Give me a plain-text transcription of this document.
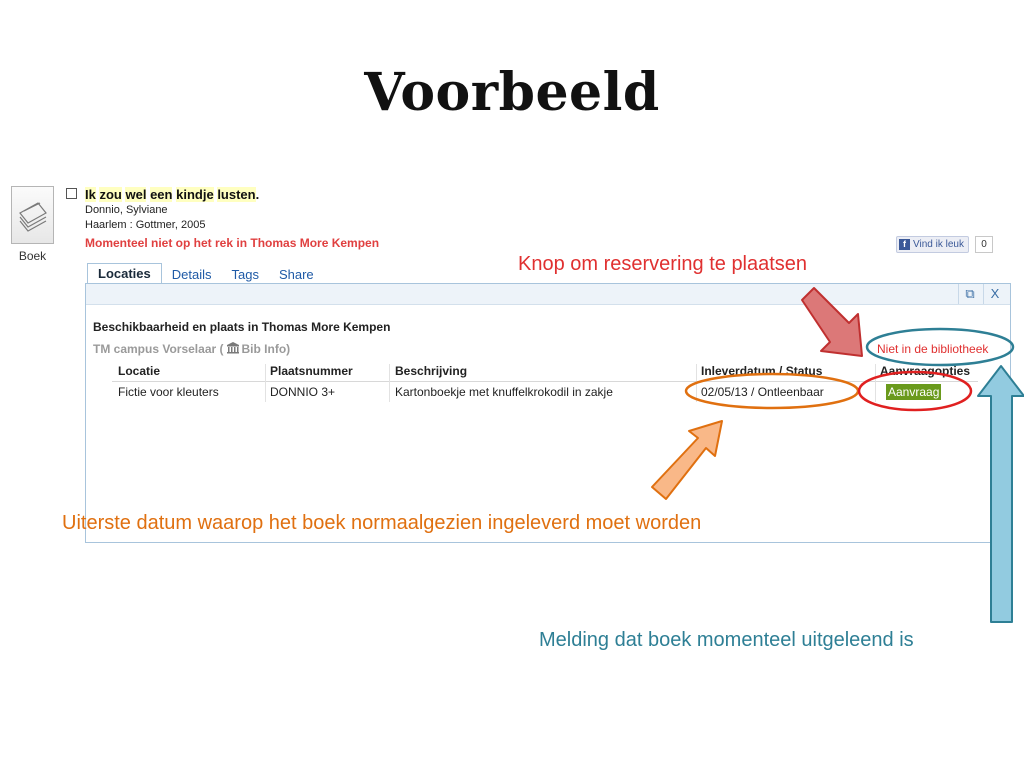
Voorbeeld
Boek
Ik zou wel een kindje lusten.
Donnio, Sylviane
Haarlem : Gottmer, 2005
Momenteel niet op het rek in Thomas More Kempen	f Vind ik leuk	0
Locaties	Details	Tags	Share
⧉	X
Beschikbaarheid en plaats in Thomas More Kempen
TM campus Vorselaar ( Bib Info)	Niet in de bibliotheek
Locatie	Plaatsnummer	Beschrijving	Inleverdatum / Status	Aanvraagopties
Fictie voor kleuters	DONNIO 3+	Kartonboekje met knuffelkrokodil in zakje	02/05/13 / Ontleenbaar	Aanvraag
Knop om reservering te plaatsen
Uiterste datum waarop het boek normaalgezien ingeleverd moet worden
Melding dat boek momenteel uitgeleend is
